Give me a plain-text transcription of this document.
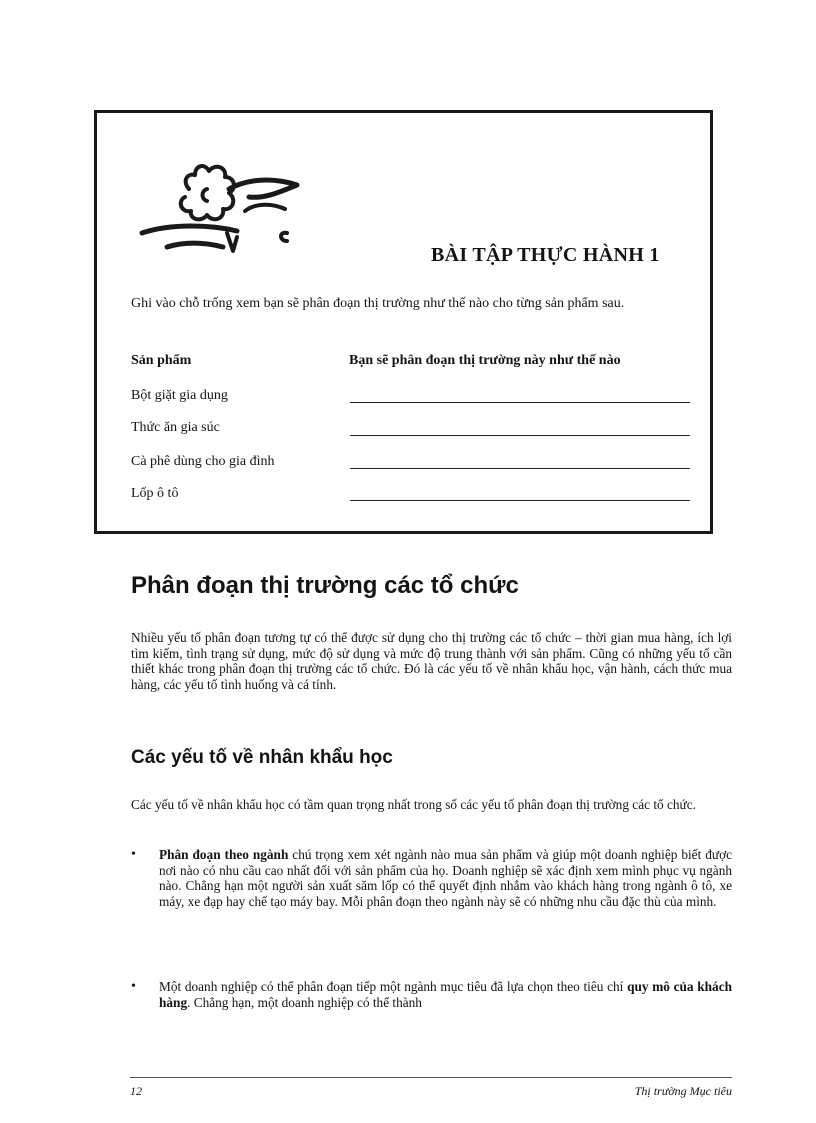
BÀI TẬP THỰC HÀNH 1
Ghi vào chỗ trống xem bạn sẽ phân đoạn thị trường như thế nào cho từng sản phẩm sau.
Sản phẩm	Bạn sẽ phân đoạn thị trường này như thế nào
Bột giặt gia dụng
Thức ăn gia súc
Cà phê dùng cho gia đình
Lốp ô tô
Phân đoạn thị trường các tổ chức
Nhiều yếu tố phân đoạn tương tự có thể được sử dụng cho thị trường các tổ chức – thời gian mua hàng, ích lợi tìm kiếm, tình trạng sử dụng, mức độ sử dụng và mức độ trung thành với sản phẩm. Cũng có những yếu tố cần thiết khác trong phân đoạn thị trường các tổ chức. Đó là các yếu tố về nhân khẩu học, vận hành, cách thức mua hàng, các yếu tố tình huống và cá tính.
Các yếu tố về nhân khẩu học
Các yếu tố về nhân khẩu học có tầm quan trọng nhất trong số các yếu tố phân đoạn thị trường các tổ chức.
• Phân đoạn theo ngành chú trọng xem xét ngành nào mua sản phẩm và giúp một doanh nghiệp biết được nơi nào có nhu cầu cao nhất đối với sản phẩm của họ. Doanh nghiệp sẽ xác định xem mình phục vụ ngành nào. Chẳng hạn một người sản xuất săm lốp có thể quyết định nhắm vào khách hàng trong ngành ô tô, xe máy, xe đạp hay chế tạo máy bay. Mỗi phân đoạn theo ngành này sẽ có những nhu cầu đặc thù của mình.
• Một doanh nghiệp có thể phân đoạn tiếp một ngành mục tiêu đã lựa chọn theo tiêu chí quy mô của khách hàng. Chẳng hạn, một doanh nghiệp có thể thành
12	Thị trường Mục tiêu
